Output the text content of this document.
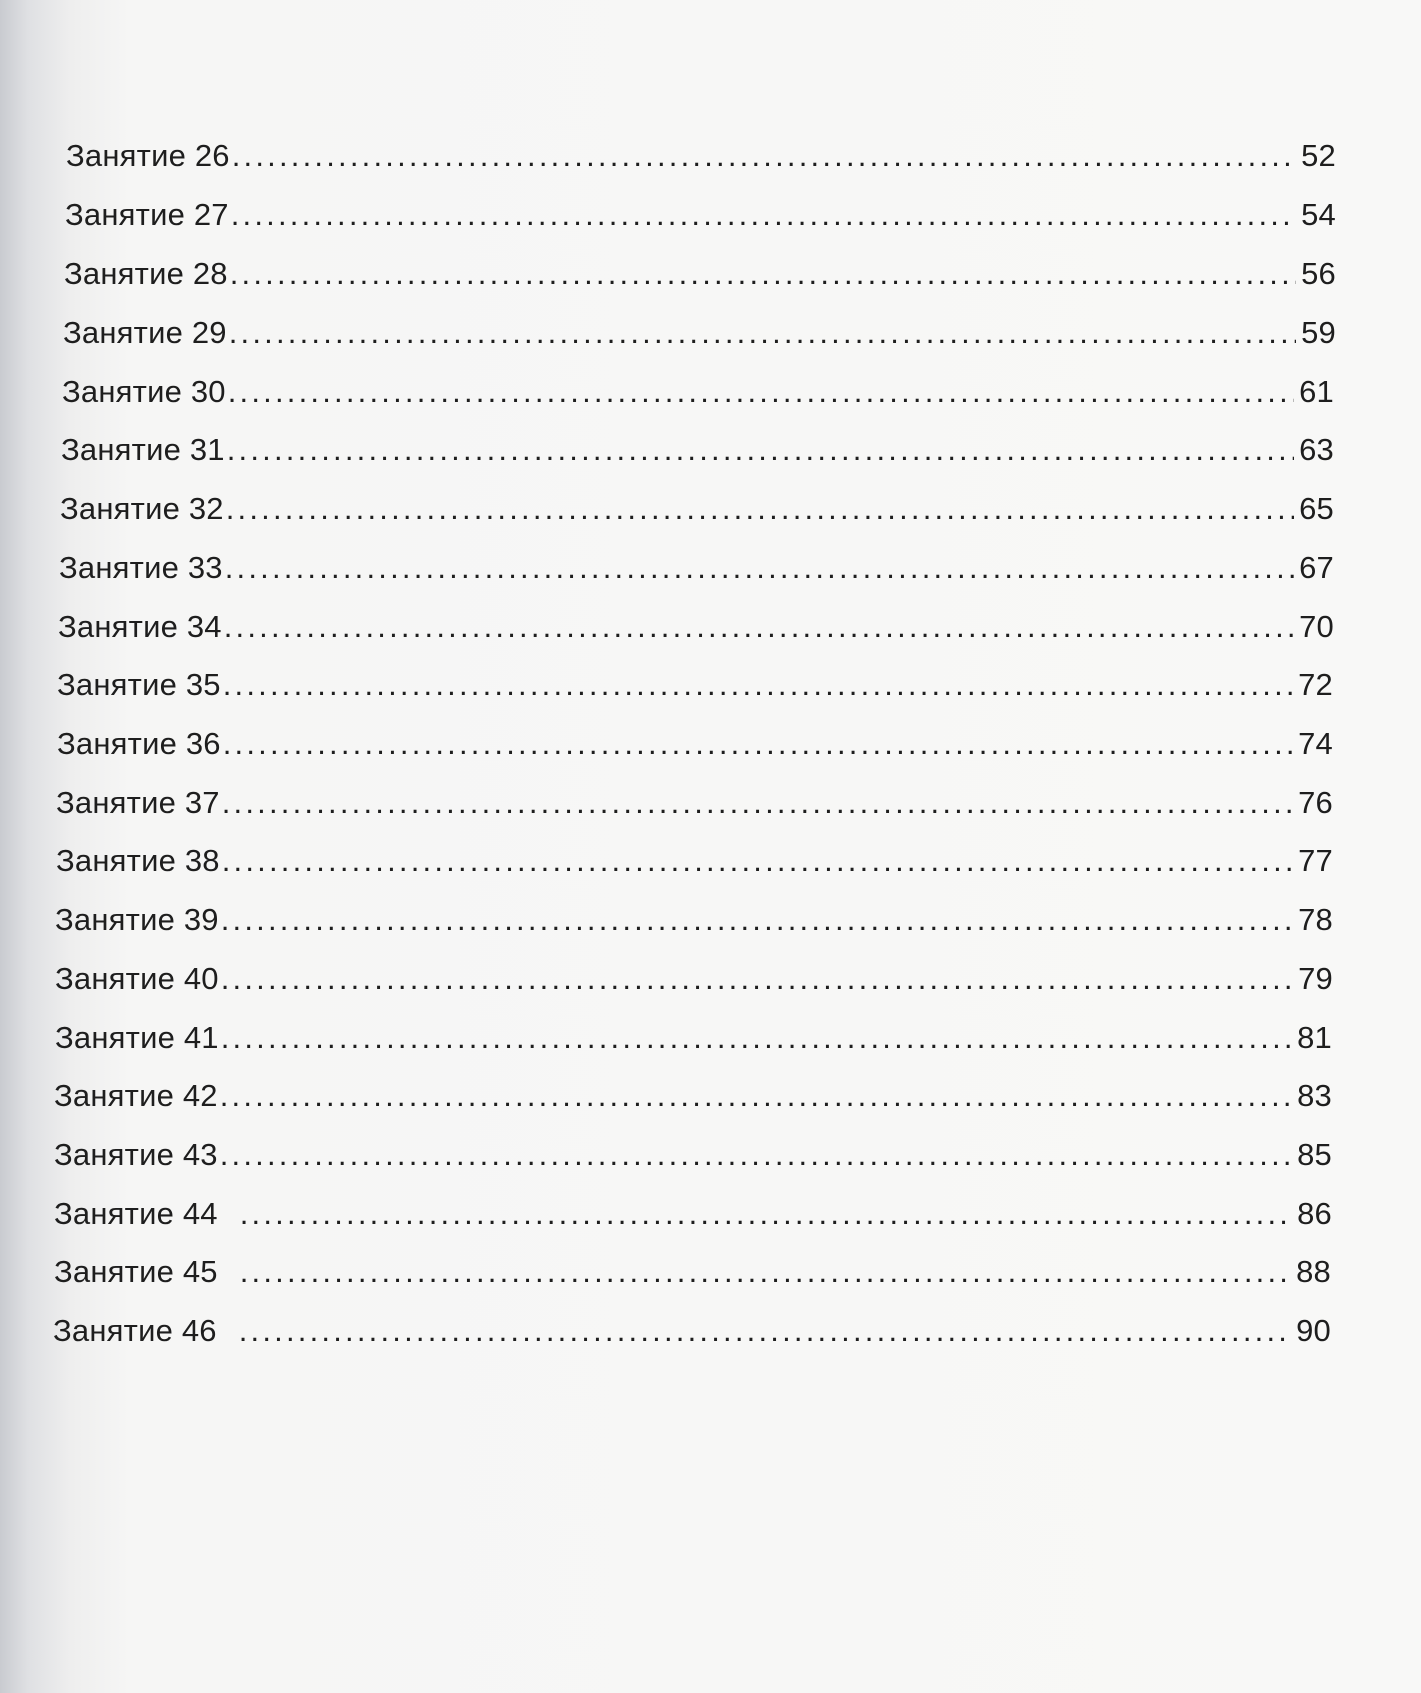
Занятие 26 .....	52
Занятие 27 .....	54
Занятие 28 .....	56
Занятие 29 .....	59
Занятие 30 .....	61
Занятие 31 .....	63
Занятие 32 .....	65
Занятие 33 .....	67
Занятие 34 .....	70
Занятие 35 .....	72
Занятие 36 .....	74
Занятие 37 .....	76
Занятие 38 .....	77
Занятие 39 .....	78
Занятие 40 .....	79
Занятие 41 .....	81
Занятие 42 .....	83
Занятие 43 .....	85
Занятие 44 .....	86
Занятие 45 .....	88
Занятие 46 .....	90
